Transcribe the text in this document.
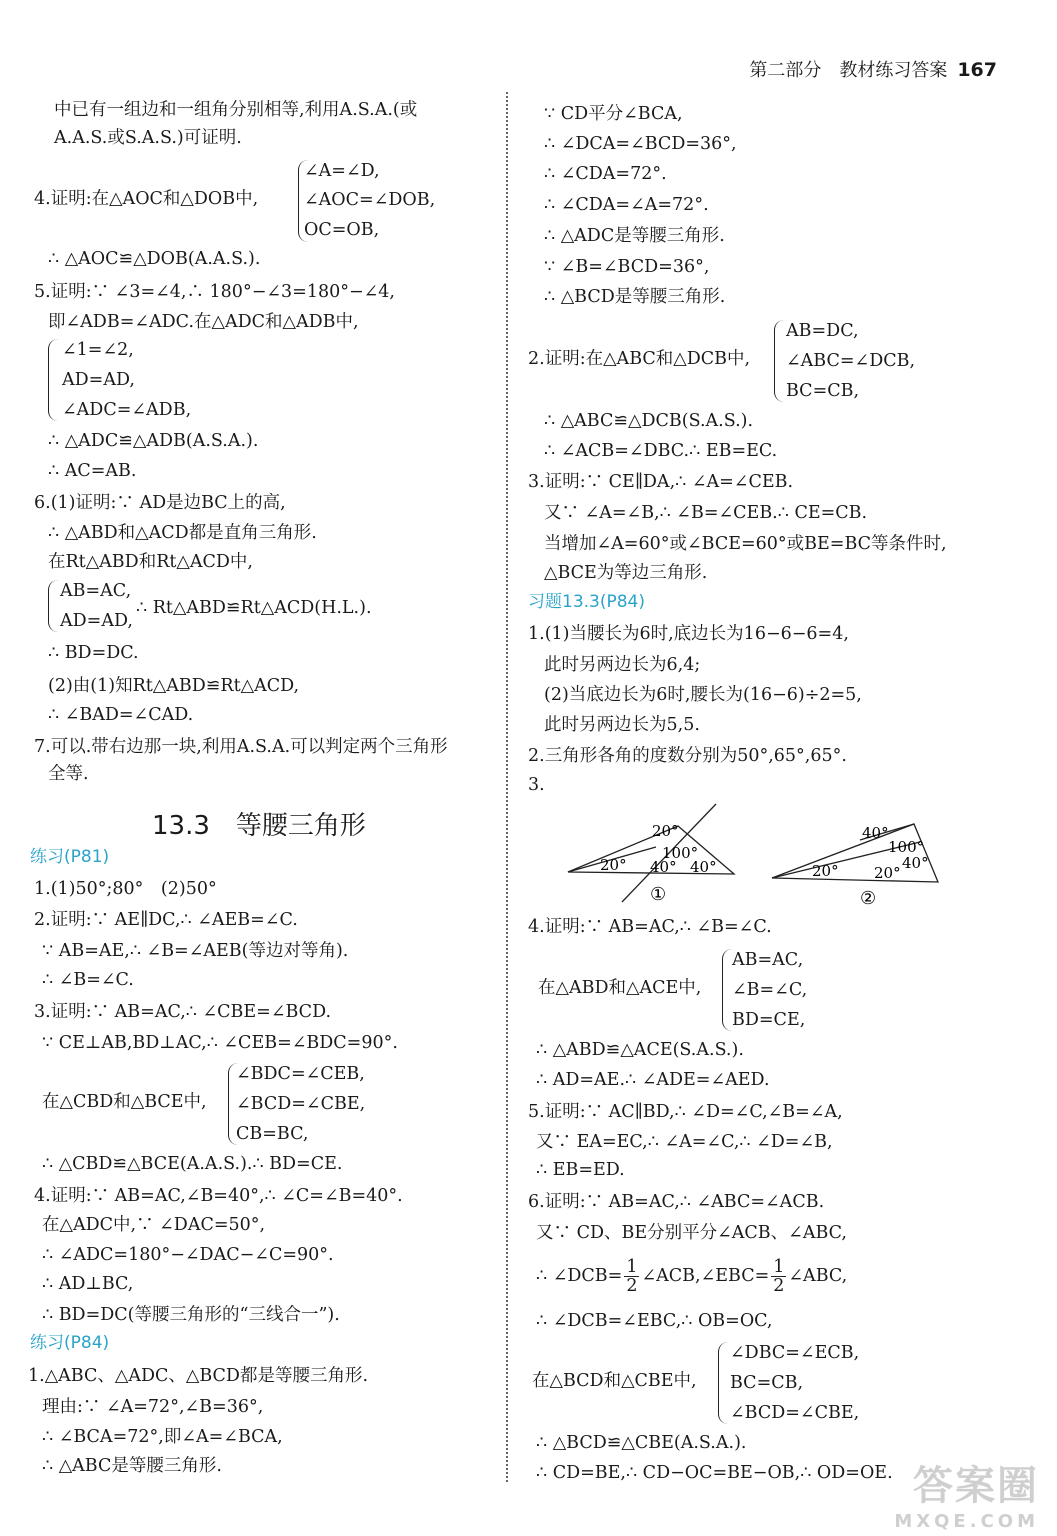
第二部分 教材练习答案 167
中已有一组边和一组角分别相等,利用A.S.A.(或
A.A.S.或S.A.S.)可证明.
4.证明:在△AOC和△DOB中,
∠A=∠D,
∠AOC=∠DOB,
OC=OB,
∴ △AOC≌△DOB(A.A.S.).
5.证明:∵ ∠3=∠4,∴ 180°−∠3=180°−∠4,
即∠ADB=∠ADC.在△ADC和△ADB中,
∠1=∠2,
AD=AD,
∠ADC=∠ADB,
∴ △ADC≌△ADB(A.S.A.).
∴ AC=AB.
6.(1)证明:∵ AD是边BC上的高,
∴ △ABD和△ACD都是直角三角形.
在Rt△ABD和Rt△ACD中,
AB=AC,
AD=AD,
∴ Rt△ABD≌Rt△ACD(H.L.).
∴ BD=DC.
(2)由(1)知Rt△ABD≌Rt△ACD,
∴ ∠BAD=∠CAD.
7.可以.带右边那一块,利用A.S.A.可以判定两个三角形
全等.
13.3　等腰三角形
练习(P81)
1.(1)50°;80°　(2)50°
2.证明:∵ AE∥DC,∴ ∠AEB=∠C.
∵ AB=AE,∴ ∠B=∠AEB(等边对等角).
∴ ∠B=∠C.
3.证明:∵ AB=AC,∴ ∠CBE=∠BCD.
∵ CE⊥AB,BD⊥AC,∴ ∠CEB=∠BDC=90°.
在△CBD和△BCE中,
∠BDC=∠CEB,
∠BCD=∠CBE,
CB=BC,
∴ △CBD≌△BCE(A.A.S.).∴ BD=CE.
4.证明:∵ AB=AC,∠B=40°,∴ ∠C=∠B=40°.
在△ADC中,∵ ∠DAC=50°,
∴ ∠ADC=180°−∠DAC−∠C=90°.
∴ AD⊥BC,
∴ BD=DC(等腰三角形的“三线合一”).
练习(P84)
1.△ABC、△ADC、△BCD都是等腰三角形.
理由:∵ ∠A=72°,∠B=36°,
∴ ∠BCA=72°,即∠A=∠BCA,
∴ △ABC是等腰三角形.
∵ CD平分∠BCA,
∴ ∠DCA=∠BCD=36°,
∴ ∠CDA=72°.
∴ ∠CDA=∠A=72°.
∴ △ADC是等腰三角形.
∵ ∠B=∠BCD=36°,
∴ △BCD是等腰三角形.
2.证明:在△ABC和△DCB中,
AB=DC,
∠ABC=∠DCB,
BC=CB,
∴ △ABC≌△DCB(S.A.S.).
∴ ∠ACB=∠DBC.∴ EB=EC.
3.证明:∵ CE∥DA,∴ ∠A=∠CEB.
又∵ ∠A=∠B,∴ ∠B=∠CEB.∴ CE=CB.
当增加∠A=60°或∠BCE=60°或BE=BC等条件时,
△BCE为等边三角形.
习题13.3(P84)
1.(1)当腰长为6时,底边长为16−6−6=4,
此时另两边长为6,4;
(2)当底边长为6时,腰长为(16−6)÷2=5,
此时另两边长为5,5.
2.三角形各角的度数分别为50°,65°,65°.
3.
20°
20°
100°
40° 40°
①
40°
100°
40°
20° 20°
②
4.证明:∵ AB=AC,∴ ∠B=∠C.
在△ABD和△ACE中,
AB=AC,
∠B=∠C,
BD=CE,
∴ △ABD≌△ACE(S.A.S.).
∴ AD=AE.∴ ∠ADE=∠AED.
5.证明:∵ AC∥BD,∴ ∠D=∠C,∠B=∠A,
又∵ EA=EC,∴ ∠A=∠C,∴ ∠D=∠B,
∴ EB=ED.
6.证明:∵ AB=AC,∴ ∠ABC=∠ACB.
又∵ CD、BE分别平分∠ACB、∠ABC,
∴ ∠DCB= $\frac{1}{2}$ ∠ACB,∠EBC= $\frac{1}{2}$ ∠ABC,
∴ ∠DCB=∠EBC,∴ OB=OC,
在△BCD和△CBE中,
∠DBC=∠ECB,
BC=CB,
∠BCD=∠CBE,
∴ △BCD≌△CBE(A.S.A.).
∴ CD=BE,∴ CD−OC=BE−OB,∴ OD=OE. 答案圈
MXQE.COM
